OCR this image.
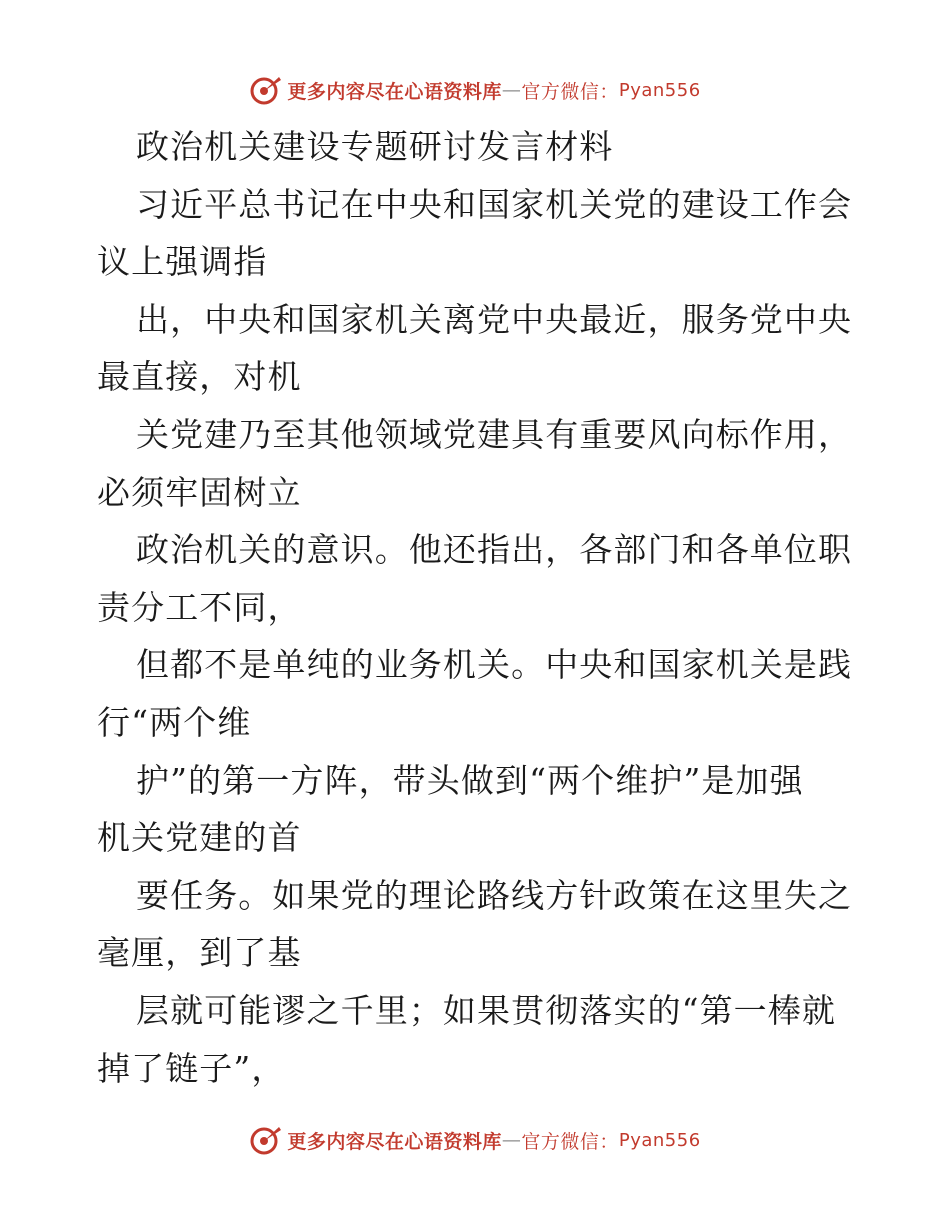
更多内容尽在心语资料库 — 官方微信： Pyan556
政治机关建设专题研讨发言材料
习近平总书记在中央和国家机关党的建设工作会
议上强调指
出，中央和国家机关离党中央最近，服务党中央
最直接，对机
关党建乃至其他领域党建具有重要风向标作用，
必须牢固树立
政治机关的意识。他还指出，各部门和各单位职
责分工不同，
但都不是单纯的业务机关。中央和国家机关是践
行“两个维
护”的第一方阵，带头做到“两个维护”是加强
机关党建的首
要任务。如果党的理论路线方针政策在这里失之
毫厘，到了基
层就可能谬之千里；如果贯彻落实的“第一棒就
掉了链子”，
更多内容尽在心语资料库 — 官方微信： Pyan556
